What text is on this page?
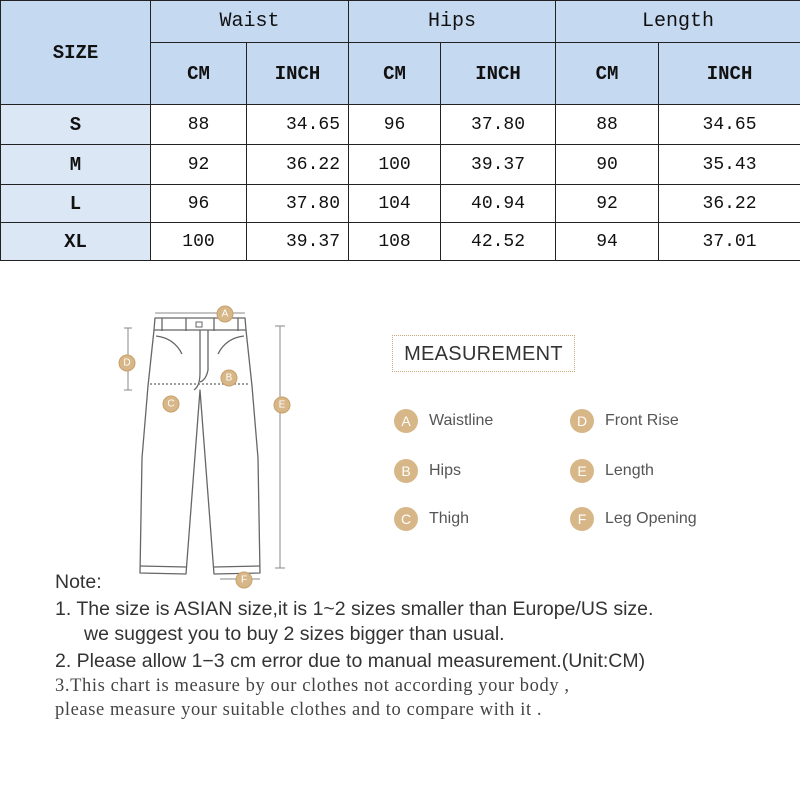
SIZE	Waist		Hips		Length	
	CM	INCH	CM	INCH	CM	INCH
S	88	34.65	96	37.80	88	34.65
M	92	36.22	100	39.37	90	35.43
L	96	37.80	104	40.94	92	36.22
XL	100	39.37	108	42.52	94	37.01
A
B
C
D
E
F
MEASUREMENT
A	Waistline	D	Front Rise
B	Hips	E	Length
C	Thigh	F	Leg Opening
Note:
1. The size is ASIAN size,it is 1~2 sizes smaller than Europe/US size.
we suggest you to buy 2 sizes bigger than usual.
2. Please allow 1−3 cm error due to manual measurement.(Unit:CM)
3.This chart is measure by our clothes not according your body ,
please measure your suitable clothes and to compare with it .
